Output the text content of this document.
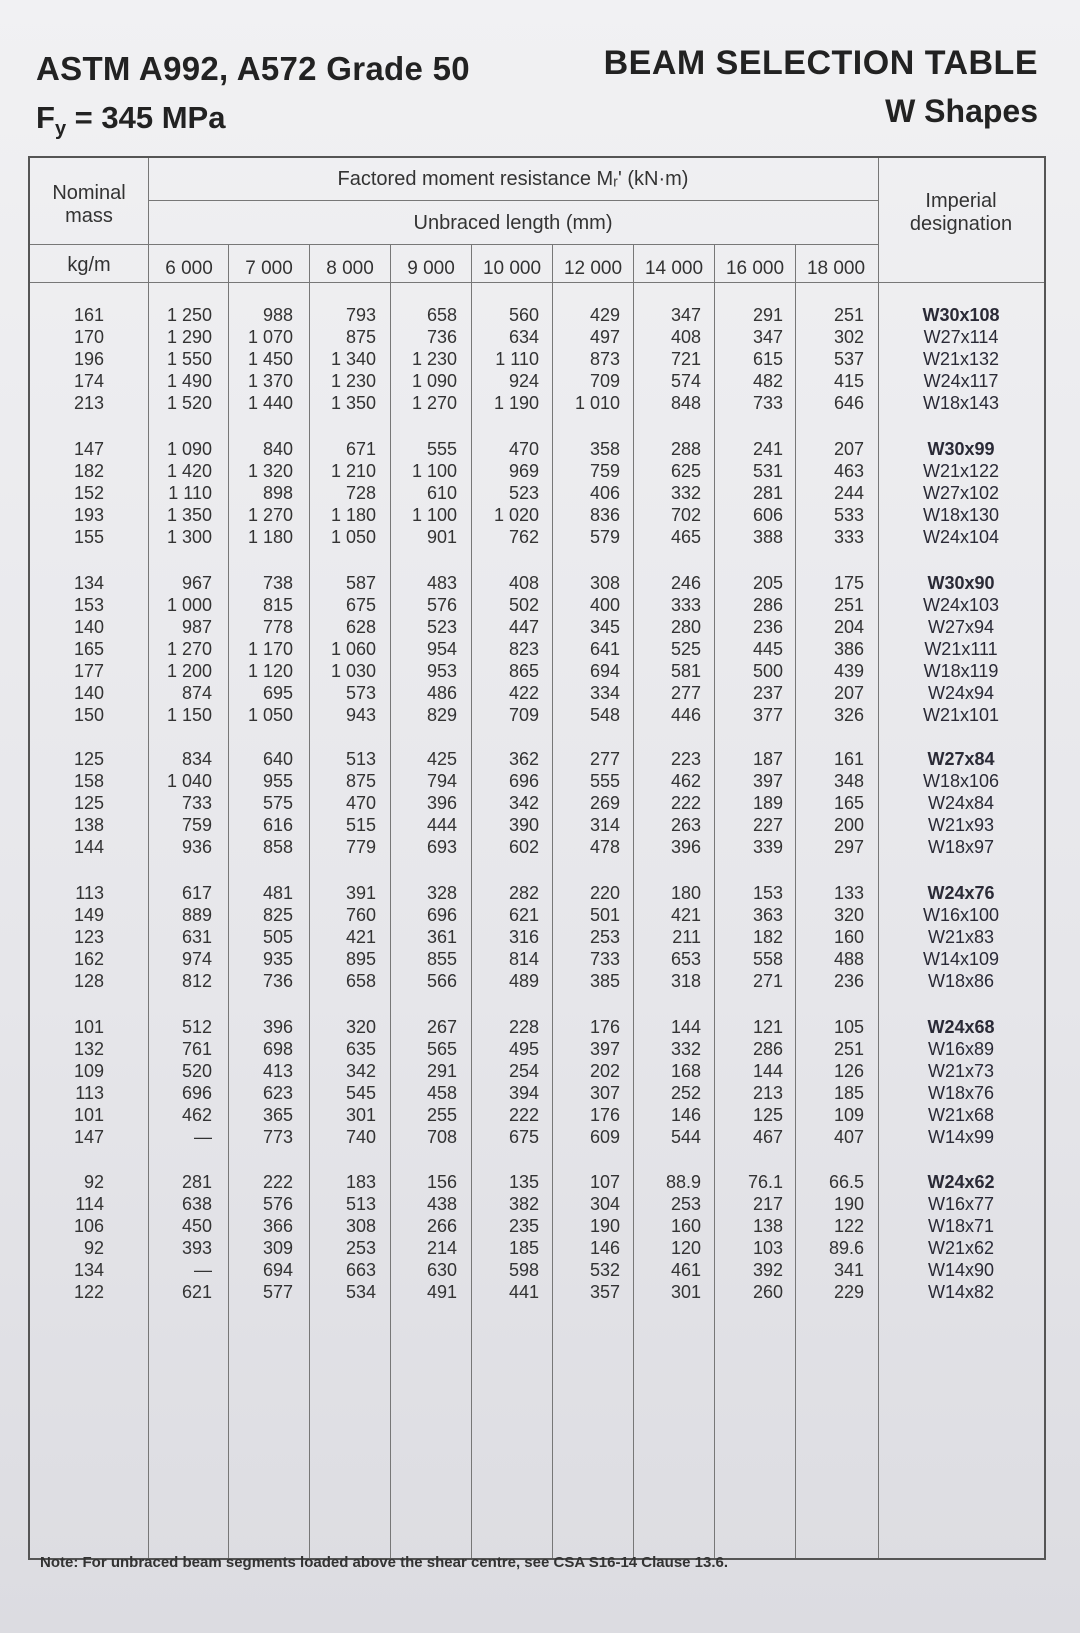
ASTM A992, A572 Grade 50
$F_y = 345$ MPa
BEAM SELECTION TABLE
W Shapes
Nominal
mass
kg/m
Factored moment resistance Mᵣ' (kN·m)
Unbraced length (mm)
Imperial
designation
6 000	7 000	8 000	9 000	10 000	12 000	14 000	16 000	18 000
161	1 250	988	793	658	560	429	347	291	251	W30x108
170	1 290	1 070	875	736	634	497	408	347	302	W27x114
196	1 550	1 450	1 340	1 230	1 110	873	721	615	537	W21x132
174	1 490	1 370	1 230	1 090	924	709	574	482	415	W24x117
213	1 520	1 440	1 350	1 270	1 190	1 010	848	733	646	W18x143
147	1 090	840	671	555	470	358	288	241	207	W30x99
182	1 420	1 320	1 210	1 100	969	759	625	531	463	W21x122
152	1 110	898	728	610	523	406	332	281	244	W27x102
193	1 350	1 270	1 180	1 100	1 020	836	702	606	533	W18x130
155	1 300	1 180	1 050	901	762	579	465	388	333	W24x104
134	967	738	587	483	408	308	246	205	175	W30x90
153	1 000	815	675	576	502	400	333	286	251	W24x103
140	987	778	628	523	447	345	280	236	204	W27x94
165	1 270	1 170	1 060	954	823	641	525	445	386	W21x111
177	1 200	1 120	1 030	953	865	694	581	500	439	W18x119
140	874	695	573	486	422	334	277	237	207	W24x94
150	1 150	1 050	943	829	709	548	446	377	326	W21x101
125	834	640	513	425	362	277	223	187	161	W27x84
158	1 040	955	875	794	696	555	462	397	348	W18x106
125	733	575	470	396	342	269	222	189	165	W24x84
138	759	616	515	444	390	314	263	227	200	W21x93
144	936	858	779	693	602	478	396	339	297	W18x97
113	617	481	391	328	282	220	180	153	133	W24x76
149	889	825	760	696	621	501	421	363	320	W16x100
123	631	505	421	361	316	253	211	182	160	W21x83
162	974	935	895	855	814	733	653	558	488	W14x109
128	812	736	658	566	489	385	318	271	236	W18x86
101	512	396	320	267	228	176	144	121	105	W24x68
132	761	698	635	565	495	397	332	286	251	W16x89
109	520	413	342	291	254	202	168	144	126	W21x73
113	696	623	545	458	394	307	252	213	185	W18x76
101	462	365	301	255	222	176	146	125	109	W21x68
147	—	773	740	708	675	609	544	467	407	W14x99
92	281	222	183	156	135	107	88.9	76.1	66.5	W24x62
114	638	576	513	438	382	304	253	217	190	W16x77
106	450	366	308	266	235	190	160	138	122	W18x71
92	393	309	253	214	185	146	120	103	89.6	W21x62
134	—	694	663	630	598	532	461	392	341	W14x90
122	621	577	534	491	441	357	301	260	229	W14x82
Note: For unbraced beam segments loaded above the shear centre, see CSA S16-14 Clause 13.6.
